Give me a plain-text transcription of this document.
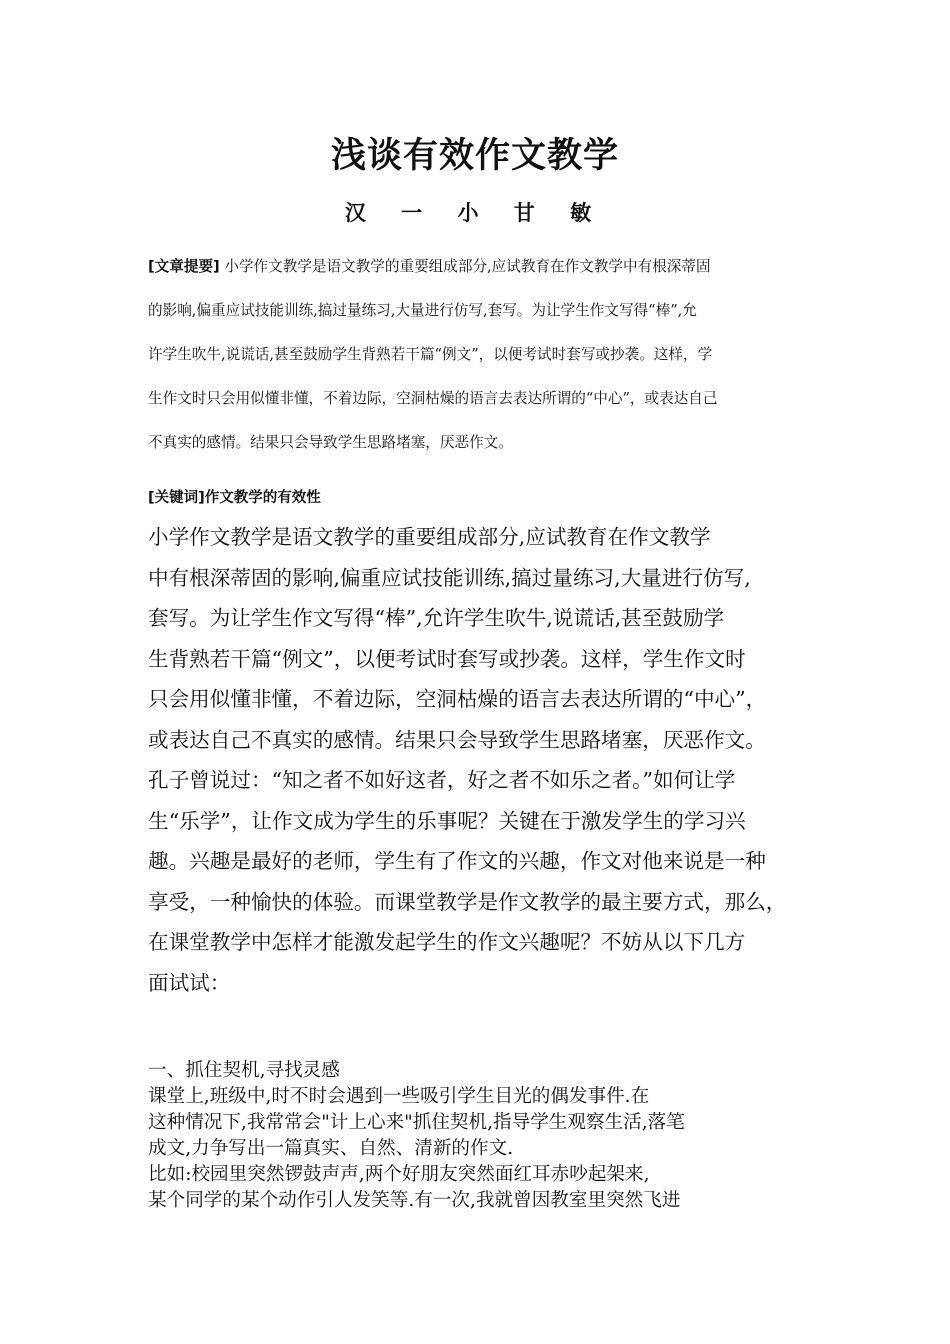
浅谈有效作文教学
汉 一 小 甘 敏
[文章提要] 小学作文教学是语文教学的重要组成部分,应试教育在作文教学中有根深蒂固
的影响,偏重应试技能训练,搞过量练习,大量进行仿写,套写。为让学生作文写得“棒”,允
许学生吹牛,说谎话,甚至鼓励学生背熟若干篇“例文”，以便考试时套写或抄袭。这样，学
生作文时只会用似懂非懂，不着边际，空洞枯燥的语言去表达所谓的“中心”，或表达自己
不真实的感情。结果只会导致学生思路堵塞，厌恶作文。
[关键词]作文教学的有效性
小学作文教学是语文教学的重要组成部分,应试教育在作文教学
中有根深蒂固的影响,偏重应试技能训练,搞过量练习,大量进行仿写,
套写。为让学生作文写得“棒”,允许学生吹牛,说谎话,甚至鼓励学
生背熟若干篇“例文”，以便考试时套写或抄袭。这样，学生作文时
只会用似懂非懂，不着边际，空洞枯燥的语言去表达所谓的“中心”，
或表达自己不真实的感情。结果只会导致学生思路堵塞，厌恶作文。
孔子曾说过：“知之者不如好这者，好之者不如乐之者。”如何让学
生“乐学”，让作文成为学生的乐事呢？关键在于激发学生的学习兴
趣。兴趣是最好的老师，学生有了作文的兴趣，作文对他来说是一种
享受，一种愉快的体验。而课堂教学是作文教学的最主要方式，那么，
在课堂教学中怎样才能激发起学生的作文兴趣呢？不妨从以下几方
面试试：
一、抓住契机,寻找灵感
课堂上,班级中,时不时会遇到一些吸引学生目光的偶发事件.在
这种情况下,我常常会"计上心来"抓住契机,指导学生观察生活,落笔
成文,力争写出一篇真实、自然、清新的作文.
比如:校园里突然锣鼓声声,两个好朋友突然面红耳赤吵起架来,
某个同学的某个动作引人发笑等.有一次,我就曾因教室里突然飞进
